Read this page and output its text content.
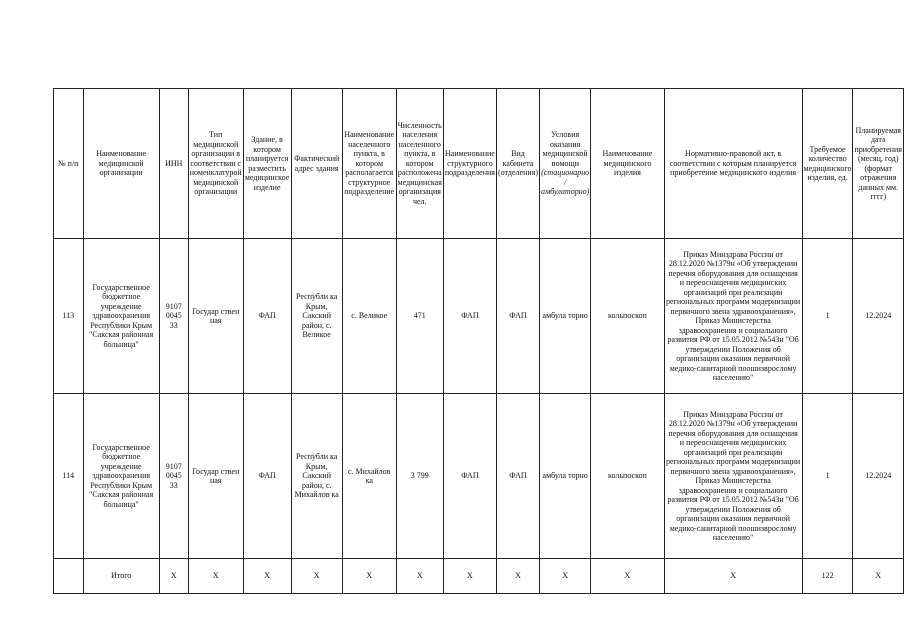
№ п/п	Наименование медицинской организации	ИНН	Тип медицинской организации в соответствии с номенклатурой медицинской организации	Здание, в котором планируется размеcтить медицинское изделие	Фактический адрес здания	Наименование населенного пункта, в котором располагается структурное подразделение	Численность населения населенного пункта, в котором расположена медицинская организация чел.	Наименование структурного подразделения	Вид кабинета (отделения)	Условия оказания медицинской помощи (стационарно / амбулаторно)	Наименование медицинского изделия	Нормативно-правовой акт, в соответствии с которым планируется приобретение медицинского изделия	Требуемое количество медицинского изделия, ед.	Планируемая дата приобретения (месяц, год) (формат отражения данных мм. гггг)
113	Государственное бюджетное учреждение здравоохранения Республики Крым "Сакская районная больница"	9107 0045 33	Государ ствен ная	ФАП	Республи ка Крым, Сакский район, с. Великое	с. Великое	471	ФАП	ФАП	амбула торио	кольпоскоп	Приказ Минздрава России от 28.12.2020 №1379н «Об утверждении перечня оборудования для оснащения и переоснащения медицинских организаций при реализации региональных программ модернизации первичного звена здравоохранения», Приказ Министерства здравоохранения и социального развития РФ от 15.05.2012 №543н "Об утверждении Положения об организации оказания первичной медико-санитарной поошизврослому населению"	1	12.2024
114	Государственное бюджетное учреждение здравоохранения Республики Крым "Сакская районная больница"	9107 0045 33	Государ ствен ная	ФАП	Республи ка Крым, Сакский район, с. Михайлов ка	с. Михайлов ка	3 799	ФАП	ФАП	амбула торно	кольпоскоп	Приказ Минздрава России от 28.12.2020 №1379н «Об утверждении перечня оборудования для оснащения и переоснащения медицинских организаций при реализации региональных программ модернизации первичного звена здравоохранения», Приказ Министерства здравоохранения и социального развития РФ от 15.05.2012 №543н "Об утверждении Положения об организации оказания первичной медико-санитарной поошизврослому населению"	1	12.2024
	Итого	Х	Х	Х	Х	Х	Х	Х	Х	Х	Х	Х	122	Х
